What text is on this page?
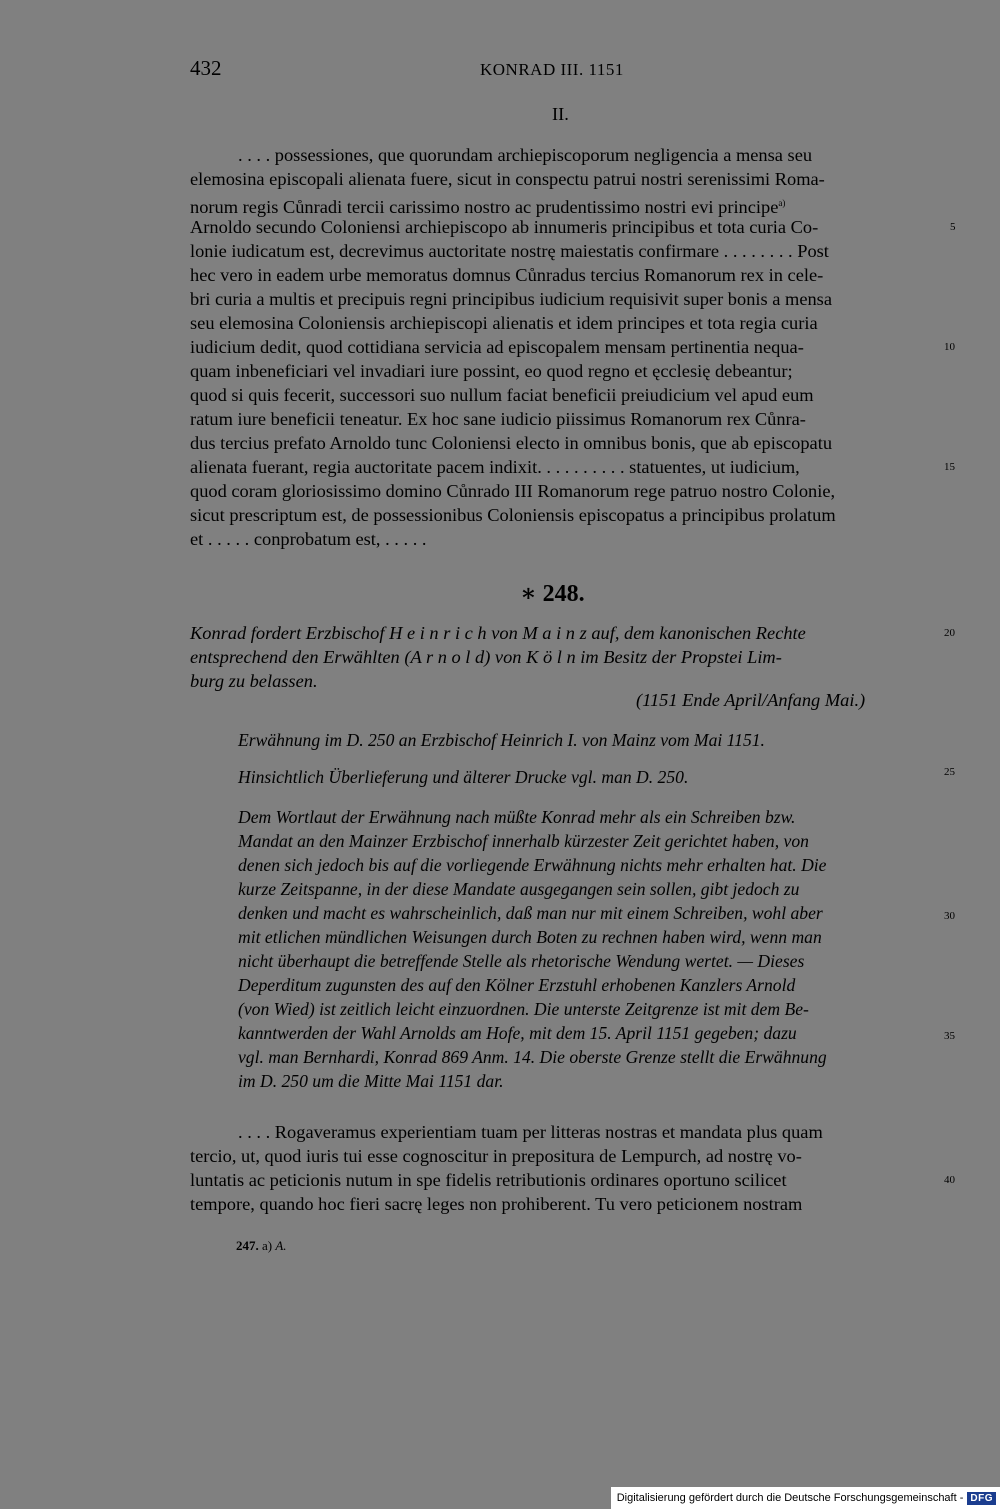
432	KONRAD III. 1151
II.
. . . . possessiones, que quorundam archiepiscoporum negligencia a mensa seu
elemosina episcopali alienata fuere, sicut in conspectu patrui nostri serenissimi Roma-
norum regis Cůnradi tercii carissimo nostro ac prudentissimo nostri evi principe$^{a)}$
Arnoldo secundo Coloniensi archiepiscopo ab innumeris principibus et tota curia Co-
lonie iudicatum est, decrevimus auctoritate nostrę maiestatis confirmare . . . . . . . . Post
hec vero in eadem urbe memoratus domnus Cůnradus tercius Romanorum rex in cele-
bri curia a multis et precipuis regni principibus iudicium requisivit super bonis a mensa
seu elemosina Coloniensis archiepiscopi alienatis et idem principes et tota regia curia
iudicium dedit, quod cottidiana servicia ad episcopalem mensam pertinentia nequa-
quam inbeneficiari vel invadiari iure possint, eo quod regno et ęcclesię debeantur;
quod si quis fecerit, successori suo nullum faciat beneficii preiudicium vel apud eum
ratum iure beneficii teneatur. Ex hoc sane iudicio piissimus Romanorum rex Cůnra-
dus tercius prefato Arnoldo tunc Coloniensi electo in omnibus bonis, que ab episcopatu
alienata fuerant, regia auctoritate pacem indixit. . . . . . . . . . statuentes, ut iudicium,
quod coram gloriosissimo domino Cůnrado III Romanorum rege patruo nostro Colonie,
sicut prescriptum est, de possessionibus Coloniensis episcopatus a principibus prolatum
et . . . . . conprobatum est, . . . . .
∗ 248.
Konrad fordert Erzbischof H e i n r i c h von M a i n z auf, dem kanonischen Rechte
entsprechend den Erwählten (A r n o l d) von K ö l n im Besitz der Propstei Lim-
burg zu belassen.
(1151 Ende April/Anfang Mai.)
Erwähnung im D. 250 an Erzbischof Heinrich I. von Mainz vom Mai 1151.
Hinsichtlich Überlieferung und älterer Drucke vgl. man D. 250.
Dem Wortlaut der Erwähnung nach müßte Konrad mehr als ein Schreiben bzw.
Mandat an den Mainzer Erzbischof innerhalb kürzester Zeit gerichtet haben, von
denen sich jedoch bis auf die vorliegende Erwähnung nichts mehr erhalten hat. Die
kurze Zeitspanne, in der diese Mandate ausgegangen sein sollen, gibt jedoch zu
denken und macht es wahrscheinlich, daß man nur mit einem Schreiben, wohl aber
mit etlichen mündlichen Weisungen durch Boten zu rechnen haben wird, wenn man
nicht überhaupt die betreffende Stelle als rhetorische Wendung wertet. — Dieses
Deperditum zugunsten des auf den Kölner Erzstuhl erhobenen Kanzlers Arnold
(von Wied) ist zeitlich leicht einzuordnen. Die unterste Zeitgrenze ist mit dem Be-
kanntwerden der Wahl Arnolds am Hofe, mit dem 15. April 1151 gegeben; dazu
vgl. man Bernhardi, Konrad 869 Anm. 14. Die oberste Grenze stellt die Erwähnung
im D. 250 um die Mitte Mai 1151 dar.
. . . . Rogaveramus experientiam tuam per litteras nostras et mandata plus quam
tercio, ut, quod iuris tui esse cognoscitur in prepositura de Lempurch, ad nostrę vo-
luntatis ac peticionis nutum in spe fidelis retributionis ordinares oportuno scilicet
tempore, quando hoc fieri sacrę leges non prohiberent. Tu vero peticionem nostram
5
10
15
20
25
30
35
40
247. a) A.
Digitalisierung gefördert durch die Deutsche Forschungsgemeinschaft - DFG
